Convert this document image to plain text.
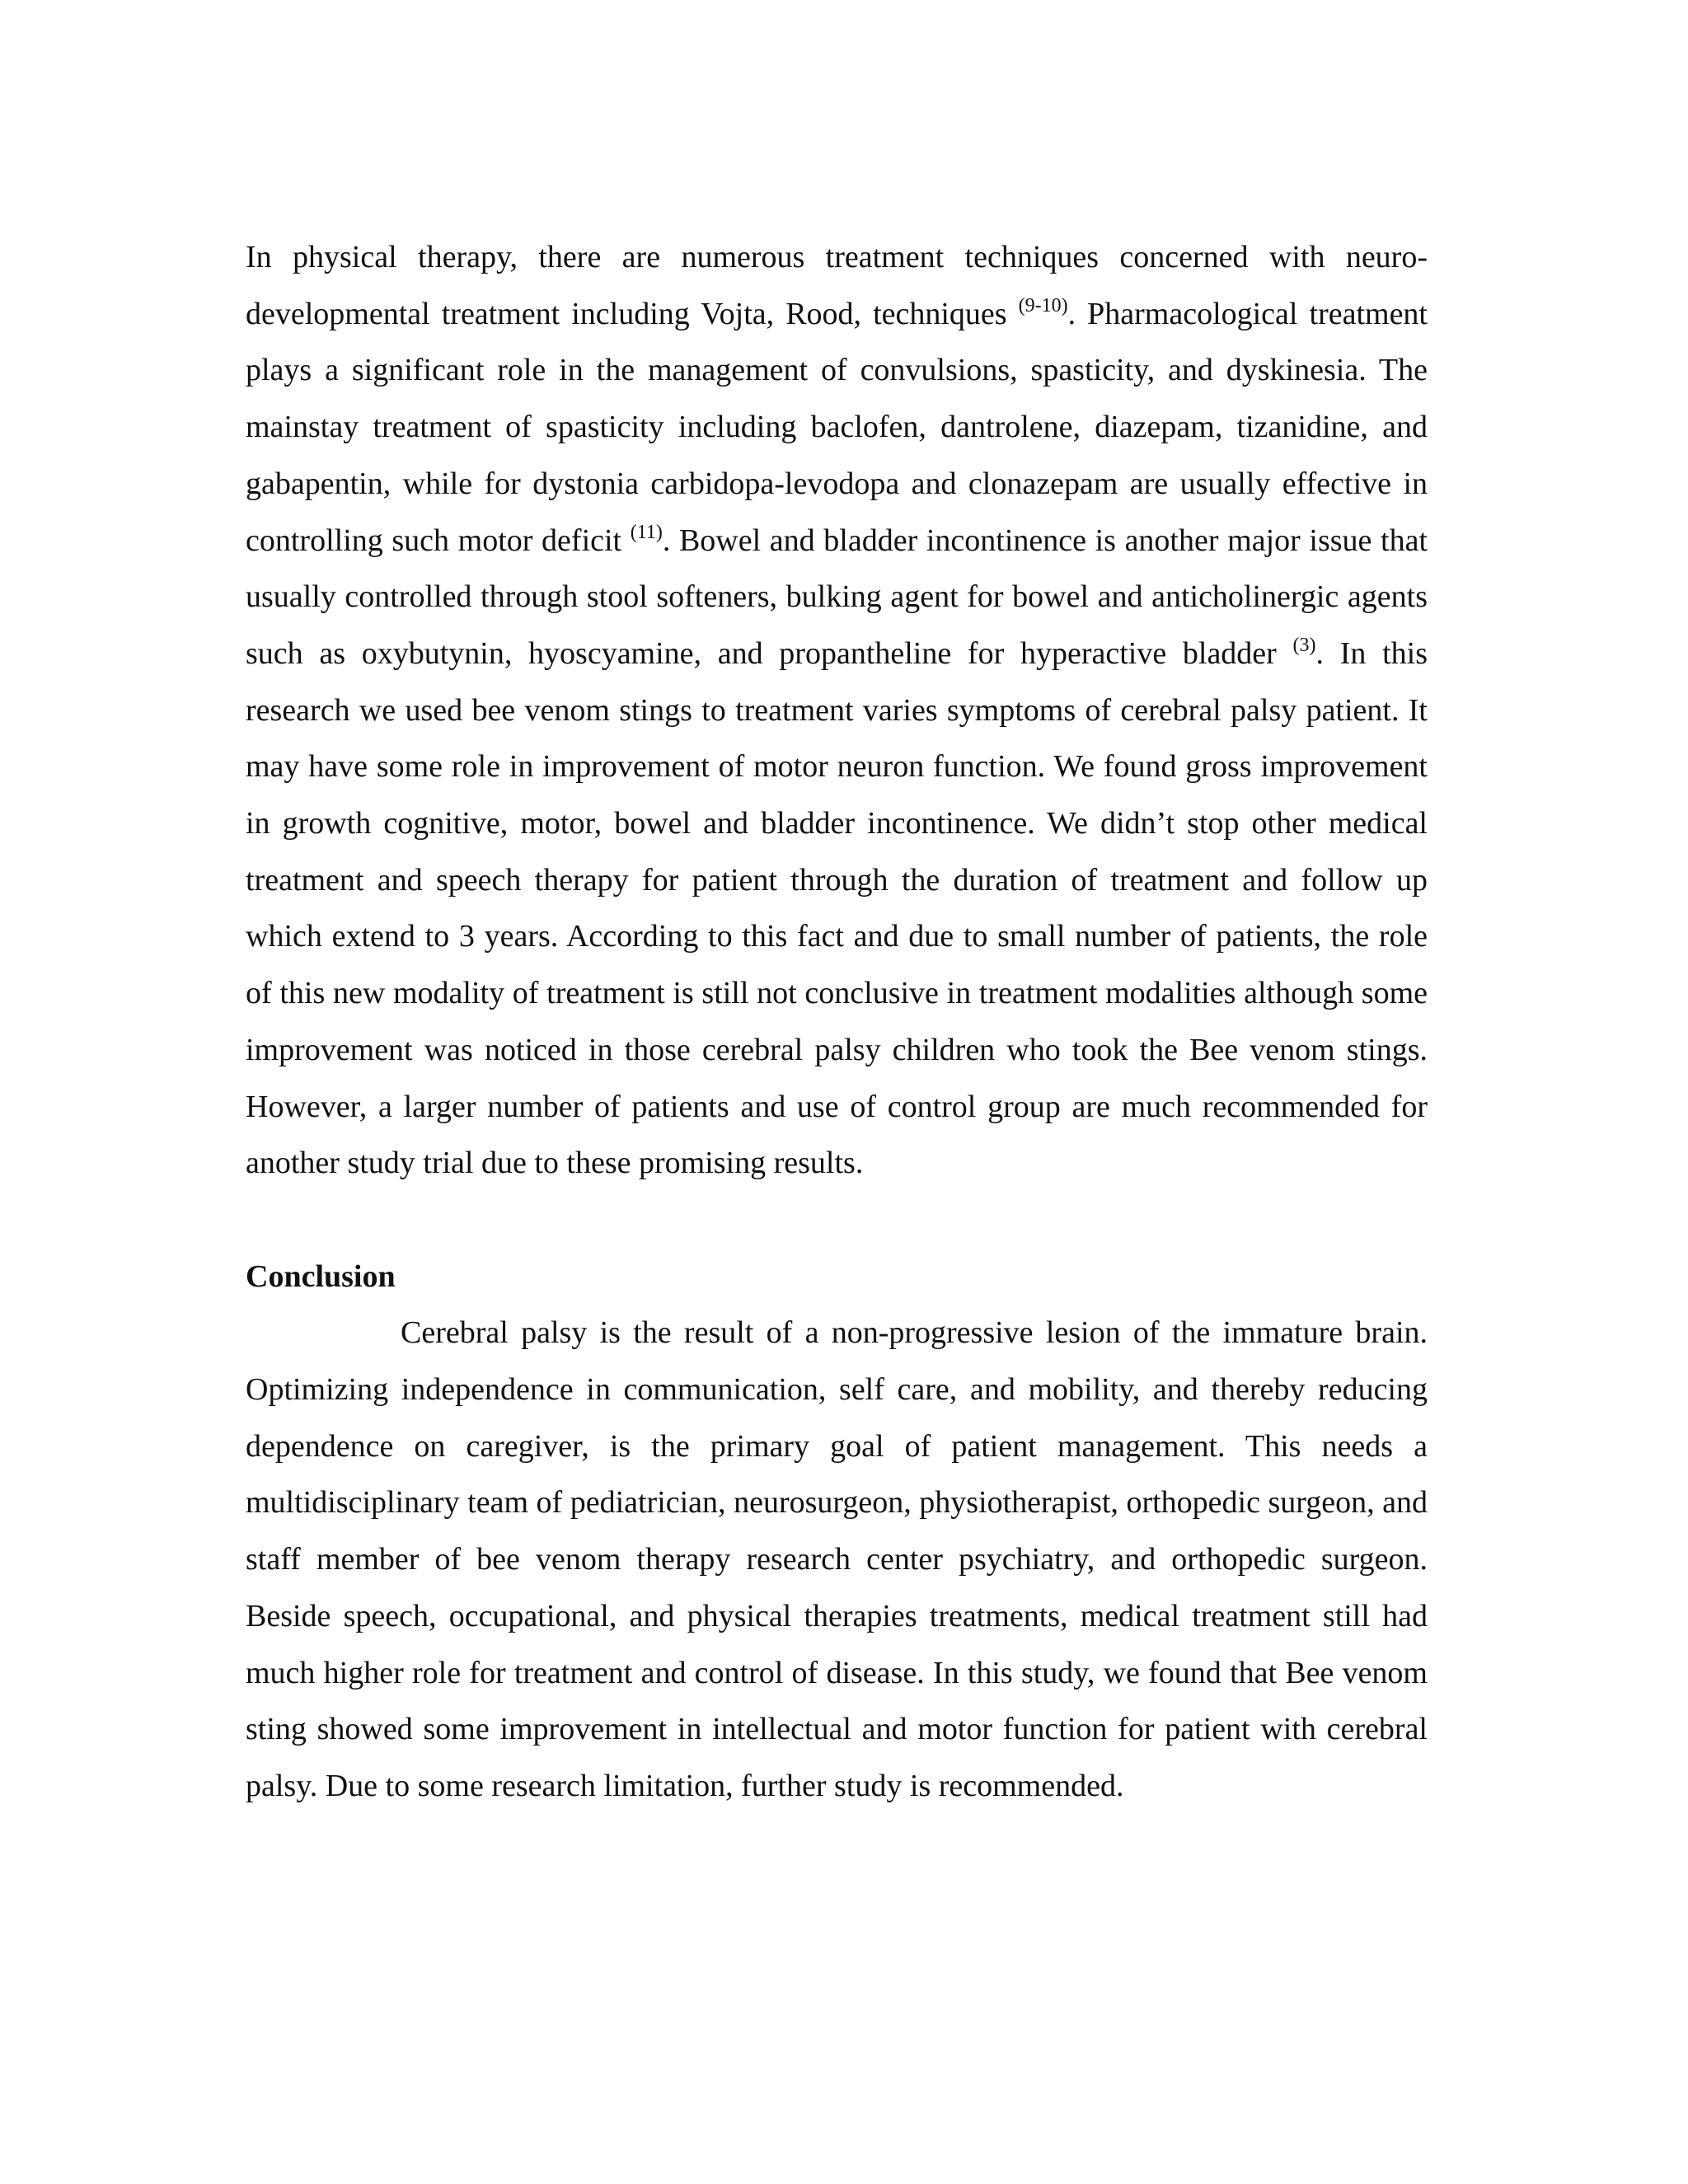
In physical therapy, there are numerous treatment techniques concerned with neuro-developmental treatment including Vojta, Rood, techniques $^{(9-10)}$. Pharmacological treatment plays a significant role in the management of convulsions, spasticity, and dyskinesia. The mainstay treatment of spasticity including baclofen, dantrolene, diazepam, tizanidine, and gabapentin, while for dystonia carbidopa-levodopa and clonazepam are usually effective in controlling such motor deficit $^{(11)}$. Bowel and bladder incontinence is another major issue that usually controlled through stool softeners, bulking agent for bowel and anticholinergic agents such as oxybutynin, hyoscyamine, and propantheline for hyperactive bladder $^{(3)}$. In this research we used bee venom stings to treatment varies symptoms of cerebral palsy patient. It may have some role in improvement of motor neuron function. We found gross improvement in growth cognitive, motor, bowel and bladder incontinence. We didn’t stop other medical treatment and speech therapy for patient through the duration of treatment and follow up which extend to 3 years. According to this fact and due to small number of patients, the role of this new modality of treatment is still not conclusive in treatment modalities although some improvement was noticed in those cerebral palsy children who took the Bee venom stings. However, a larger number of patients and use of control group are much recommended for another study trial due to these promising results.

Conclusion

Cerebral palsy is the result of a non-progressive lesion of the immature brain. Optimizing independence in communication, self care, and mobility, and thereby reducing dependence on caregiver, is the primary goal of patient management. This needs a multidisciplinary team of pediatrician, neurosurgeon, physiotherapist, orthopedic surgeon, and staff member of bee venom therapy research center psychiatry, and orthopedic surgeon. Beside speech, occupational, and physical therapies treatments, medical treatment still had much higher role for treatment and control of disease. In this study, we found that Bee venom sting showed some improvement in intellectual and motor function for patient with cerebral palsy. Due to some research limitation, further study is recommended.
